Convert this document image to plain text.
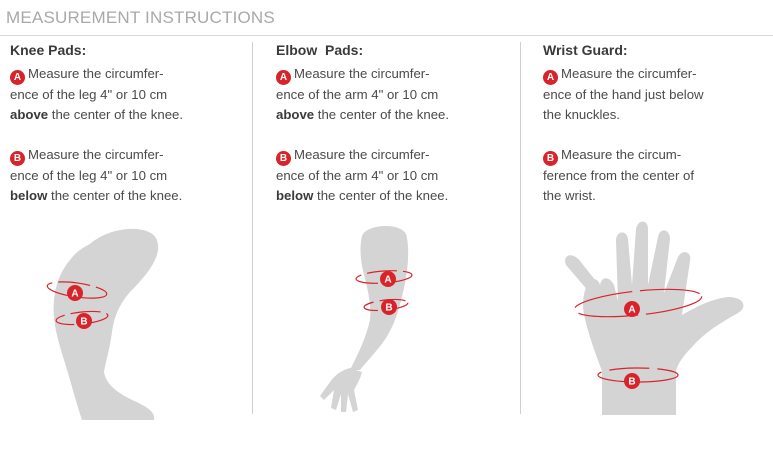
MEASUREMENT INSTRUCTIONS
Knee Pads:
A Measure the circumfer-
ence of the leg 4" or 10 cm
above the center of the knee.
B Measure the circumfer-
ence of the leg 4" or 10 cm
below the center of the knee.
Elbow  Pads:
A Measure the circumfer-
ence of the arm 4" or 10 cm
above the center of the knee.
B Measure the circumfer-
ence of the arm 4" or 10 cm
below the center of the knee.
Wrist Guard:
A Measure the circumfer-
ence of the hand just below
the knuckles.
B Measure the circum-
ference from the center of
the wrist.
A
B
A
B	A
B
